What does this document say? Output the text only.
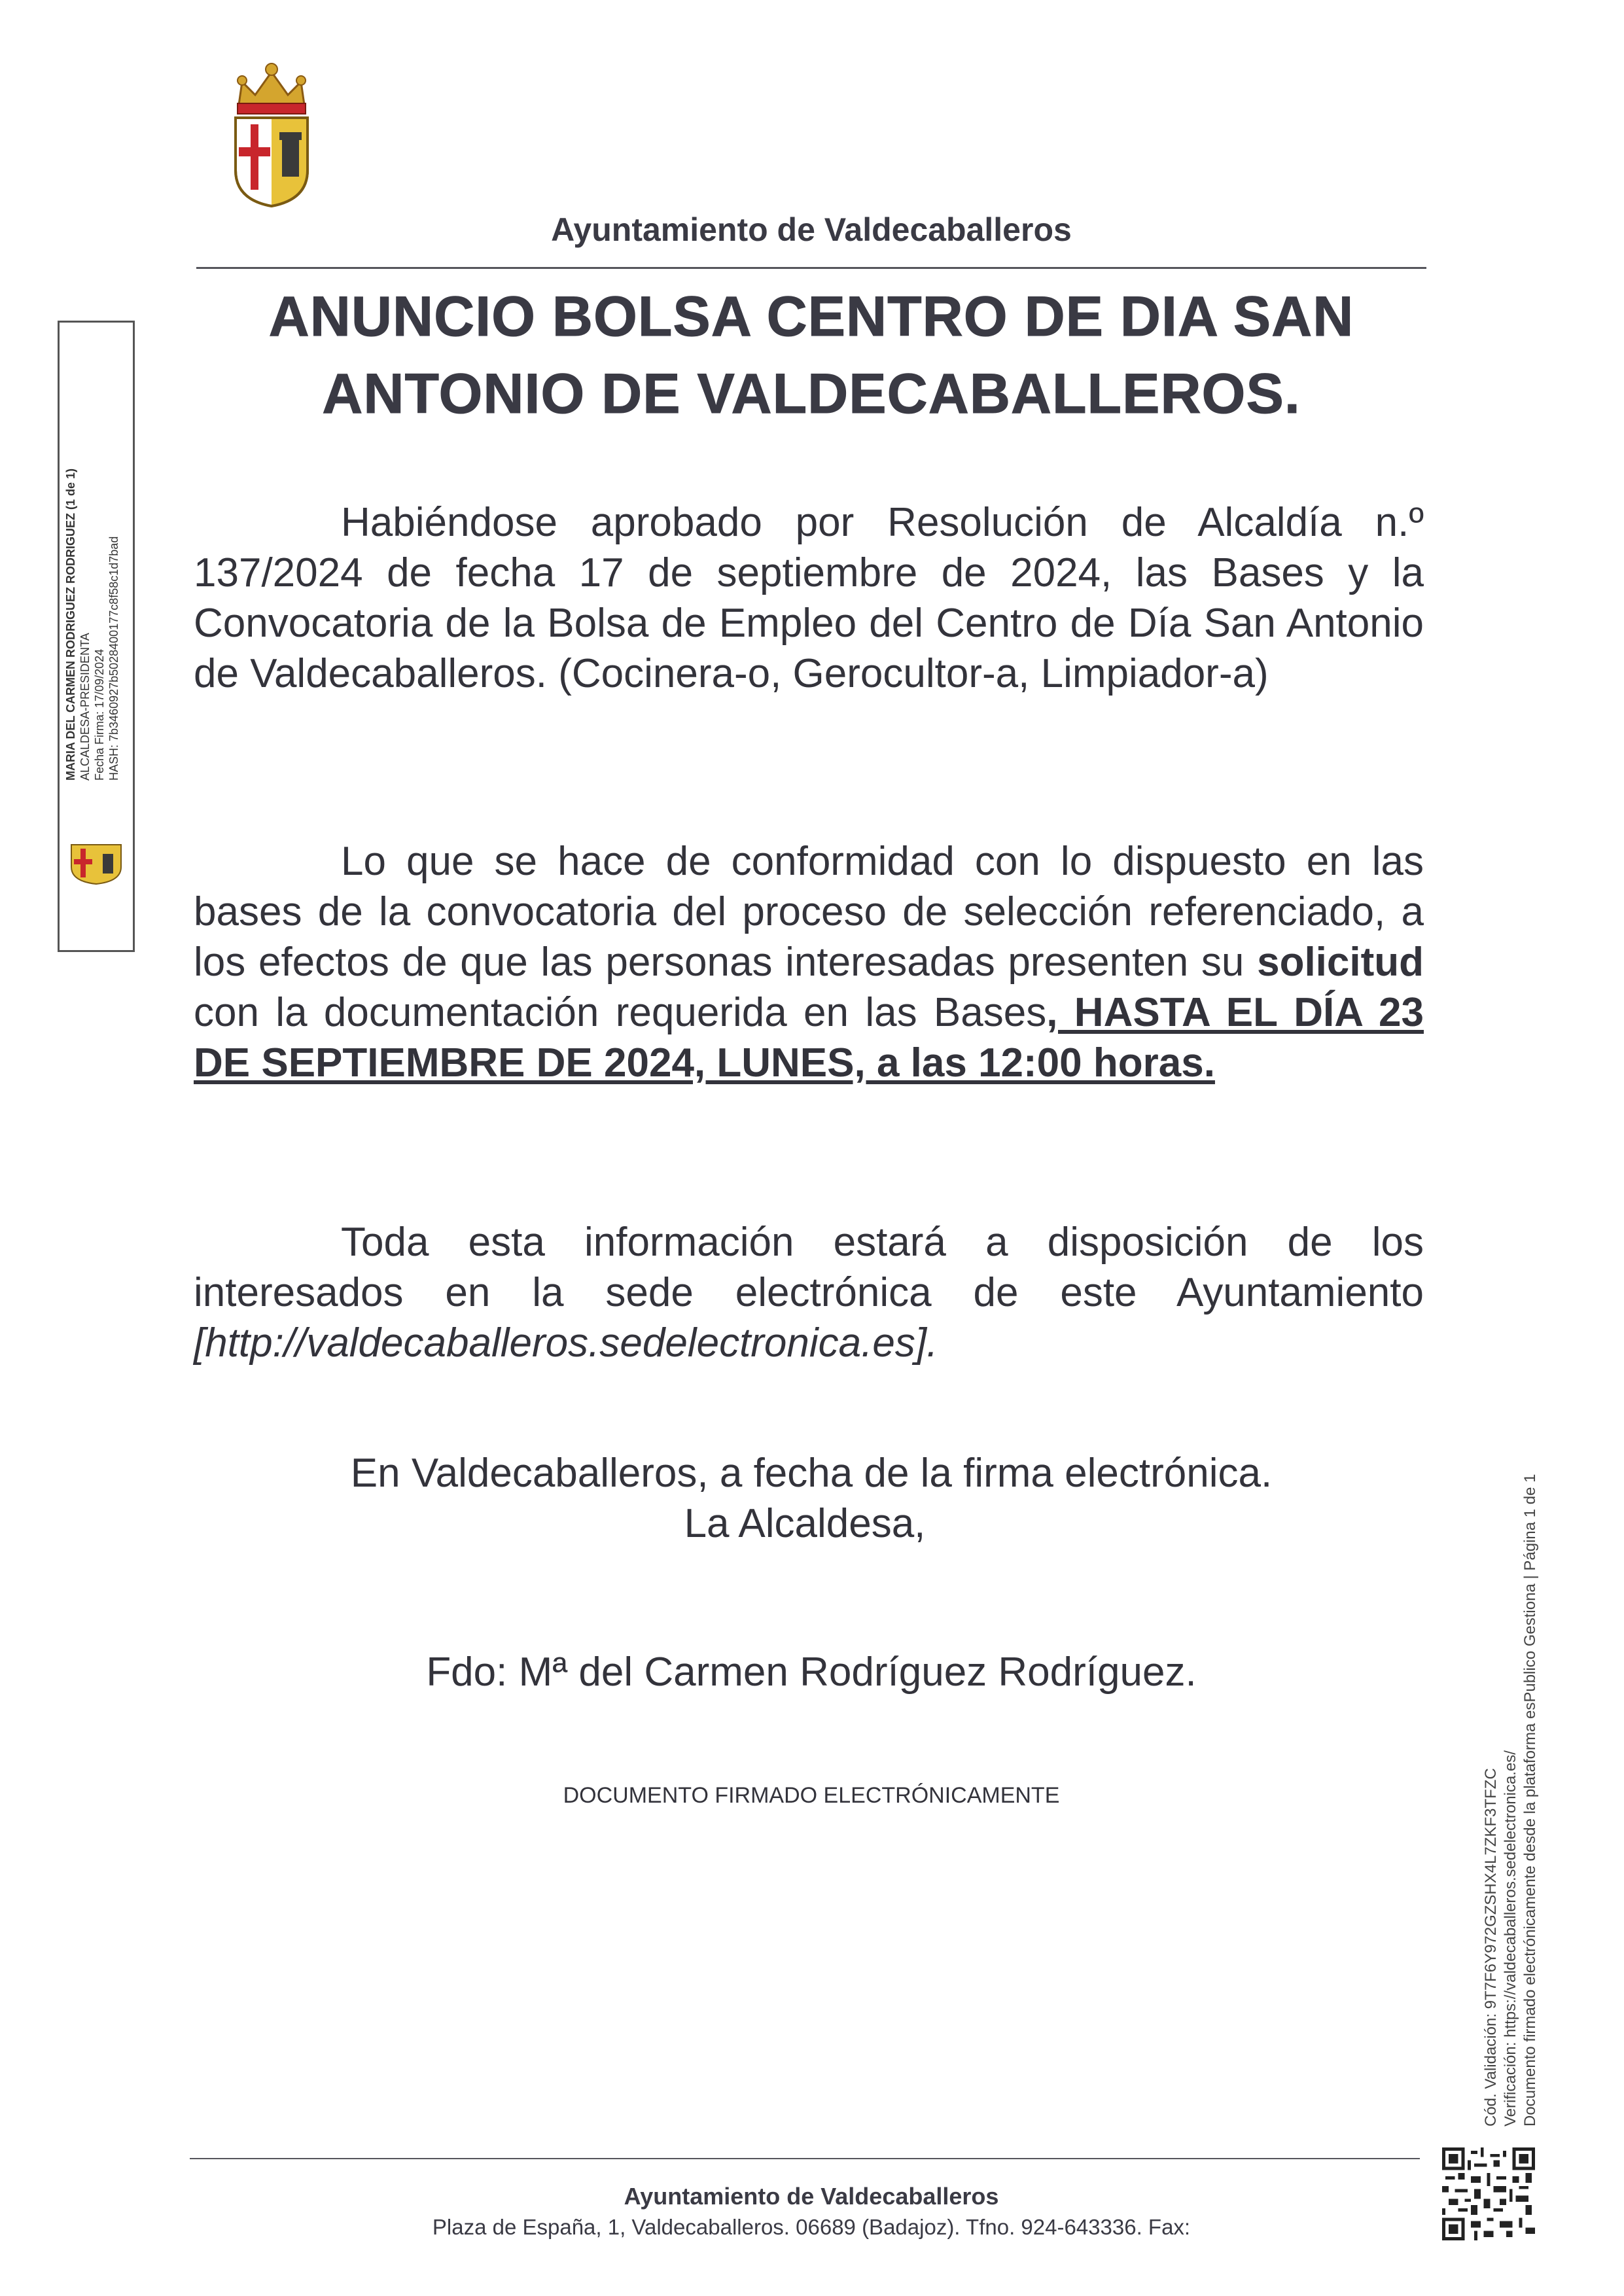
Ayuntamiento de Valdecaballeros
ANUNCIO BOLSA CENTRO DE DIA SAN
ANTONIO DE VALDECABALLEROS.
Habiéndose aprobado por Resolución de Alcaldía n.º 137/2024 de fecha 17 de septiembre de 2024, las Bases y la Convocatoria de la Bolsa de Empleo del Centro de Día San Antonio de Valdecaballeros. (Cocinera-o, Gerocultor-a, Limpiador-a)
Lo que se hace de conformidad con lo dispuesto en las bases de la convocatoria del proceso de selección referenciado, a los efectos de que las personas interesadas presenten su solicitud con la documentación requerida en las Bases, HASTA EL DÍA 23 DE SEPTIEMBRE DE 2024, LUNES, a las 12:00 horas.
Toda esta información estará a disposición de los interesados en la sede electrónica de este Ayuntamiento [http://valdecaballeros.sedelectronica.es].
En Valdecaballeros, a fecha de la firma electrónica.
La Alcaldesa,
Fdo: Mª del Carmen Rodríguez Rodríguez.
DOCUMENTO FIRMADO ELECTRÓNICAMENTE
MARIA DEL CARMEN RODRIGUEZ RODRIGUEZ (1 de 1) ALCALDESA-PRESIDENTA Fecha Firma: 17/09/2024 HASH: 7b3460927b5028400177c8f58c1d7bad
Cód. Validación: 9T7F6Y972GZSHX4L7ZKF3TFZC Verificación: https://valdecaballeros.sedelectronica.es/ Documento firmado electrónicamente desde la plataforma esPublico Gestiona | Página 1 de 1
Ayuntamiento de Valdecaballeros
Plaza de España, 1, Valdecaballeros. 06689 (Badajoz). Tfno. 924-643336. Fax:
